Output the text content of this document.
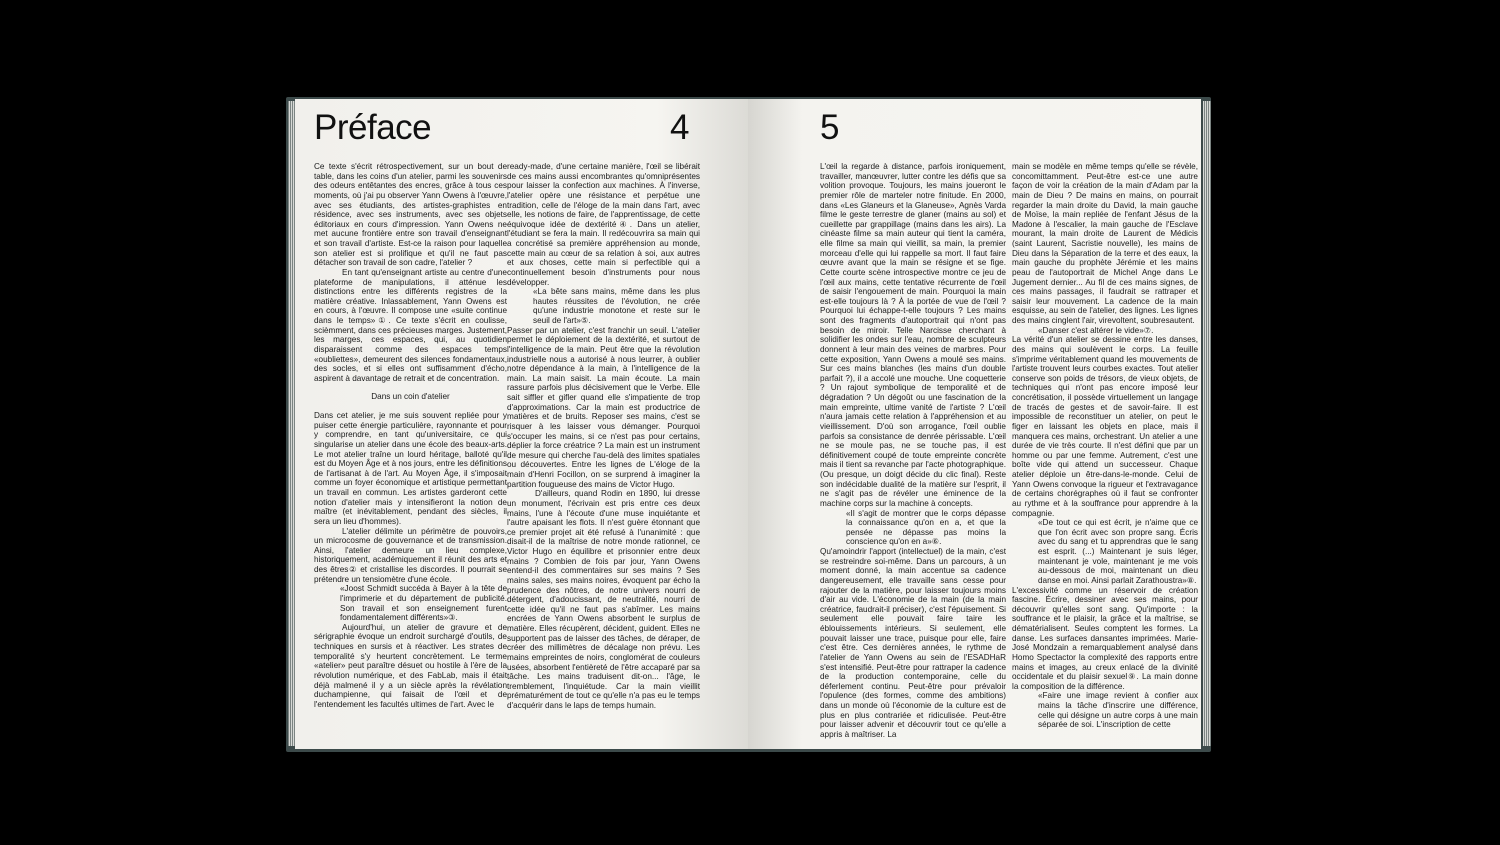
Préface	4

Ce texte s'écrit rétrospectivement, sur un bout de table, dans les coins d'un atelier, parmi les souvenirs des odeurs entêtantes des encres, grâce à tous ces moments, où j'ai pu observer Yann Owens à l'œuvre, avec ses étudiants, des artistes-graphistes en résidence, avec ses instruments, avec ses objets éditoriaux en cours d'impression. Yann Owens ne met aucune frontière entre son travail d'enseignant et son travail d'artiste. Est-ce la raison pour laquelle son atelier est si prolifique et qu'il ne faut pas détacher son travail de son cadre, l'atelier ?

En tant qu'enseignant artiste au centre d'une plateforme de manipulations, il atténue les distinctions entre les différents registres de la matière créative. Inlassablement, Yann Owens est en cours, à l'œuvre. Il compose une «suite continue dans le temps»①. Ce texte s'écrit en coulisse, scièmment, dans ces précieuses marges. Justement, les marges, ces espaces, qui, au quotidien disparaissent comme des espaces temps «oubliettes», demeurent des silences fondamentaux, des socles, et si elles ont suffisamment d'écho, aspirent à davantage de retrait et de concentration.

Dans un coin d'atelier

Dans cet atelier, je me suis souvent repliée pour y puiser cette énergie particulière, rayonnante et pour y comprendre, en tant qu'universitaire, ce qui singularise un atelier dans une école des beaux-arts. Le mot atelier traîne un lourd héritage, balloté qu'il est du Moyen Âge et à nos jours, entre les définitions de l'artisanat à de l'art. Au Moyen Âge, il s'imposait comme un foyer économique et artistique permettant un travail en commun. Les artistes garderont cette notion d'atelier mais y intensifieront la notion de maître (et inévitablement, pendant des siècles, il sera un lieu d'hommes).

L'atelier délimite un périmètre de pouvoirs, un microcosme de gouvernance et de transmission. Ainsi, l'atelier demeure un lieu complexe, historiquement, académiquement il réunit des arts et des êtres② et cristallise les discordes. Il pourrait se prétendre un tensiomètre d'une école.

«Joost Schmidt succéda à Bayer à la tête de l'imprimerie et du département de publicité. Son travail et son enseignement furent fondamentalement différents»③.

Aujourd'hui, un atelier de gravure et de sérigraphie évoque un endroit surchargé d'outils, de techniques en sursis et à réactiver. Les strates de temporalité s'y heurtent concrètement. Le terme «atelier» peut paraître désuet ou hostile à l'ère de la révolution numérique, et des FabLab, mais il était déjà malmené il y a un siècle après la révélation duchampienne, qui faisait de l'œil et de l'entendement les facultés ultimes de l'art. Avec le

ready-made, d'une certaine manière, l'œil se libérait de ces mains aussi encombrantes qu'omniprésentes pour laisser la confection aux machines. À l'inverse, l'atelier opère une résistance et perpétue une tradition, celle de l'éloge de la main dans l'art, avec elle, les notions de faire, de l'apprentissage, de cette équivoque idée de dextérité④. Dans un atelier, l'étudiant se fera la main. Il redécouvrira sa main qui a concrétisé sa première appréhension au monde, cette main au cœur de sa relation à soi, aux autres et aux choses, cette main si perfectible qui a continuellement besoin d'instruments pour nous développer.

«La bête sans mains, même dans les plus hautes réussites de l'évolution, ne crée qu'une industrie monotone et reste sur le seuil de l'art»⑤.

Passer par un atelier, c'est franchir un seuil. L'atelier permet le déploiement de la dextérité, et surtout de l'intelligence de la main. Peut être que la révolution industrielle nous a autorisé à nous leurrer, à oublier notre dépendance à la main, à l'intelligence de la main. La main saisit. La main écoute. La main rassure parfois plus décisivement que le Verbe. Elle sait siffler et gifler quand elle s'impatiente de trop d'approximations. Car la main est productrice de matières et de bruits. Reposer ses mains, c'est se risquer à les laisser vous démanger. Pourquoi s'occuper les mains, si ce n'est pas pour certains, déplier la force créatrice ? La main est un instrument de mesure qui cherche l'au-delà des limites spatiales ou découvertes. Entre les lignes de L'éloge de la main d'Henri Focillon, on se surprend à imaginer la partition fougueuse des mains de Victor Hugo.

D'ailleurs, quand Rodin en 1890, lui dresse un monument, l'écrivain est pris entre ces deux mains, l'une à l'écoute d'une muse inquiétante et l'autre apaisant les flots. Il n'est guère étonnant que ce premier projet ait été refusé à l'unanimité : que disait-il de la maîtrise de notre monde rationnel, ce Victor Hugo en équilibre et prisonnier entre deux mains ? Combien de fois par jour, Yann Owens entend-il des commentaires sur ses mains ? Ses mains sales, ses mains noires, évoquent par écho la prudence des nôtres, de notre univers nourri de détergent, d'adoucissant, de neutralité, nourri de cette idée qu'il ne faut pas s'abîmer. Les mains encrées de Yann Owens absorbent le surplus de matière. Elles récupèrent, décident, guident. Elles ne supportent pas de laisser des tâches, de déraper, de créer des millimètres de décalage non prévu. Les mains empreintes de noirs, conglomérat de couleurs usées, absorbent l'entièreté de l'être accaparé par sa tâche. Les mains traduisent dit-on... l'âge, le tremblement, l'inquiétude. Car la main vieillit prématurément de tout ce qu'elle n'a pas eu le temps d'acquérir dans le laps de temps humain.

5

L'œil la regarde à distance, parfois ironiquement, travailler, manœuvrer, lutter contre les défis que sa volition provoque. Toujours, les mains joueront le premier rôle de marteler notre finitude. En 2000, dans «Les Glaneurs et la Glaneuse», Agnès Varda filme le geste terrestre de glaner (mains au sol) et cueillette par grappillage (mains dans les airs). La cinéaste filme sa main auteur qui tient la caméra, elle filme sa main qui vieillit, sa main, la premier morceau d'elle qui lui rappelle sa mort. Il faut faire œuvre avant que la main se résigne et se fige. Cette courte scène introspective montre ce jeu de l'œil aux mains, cette tentative récurrente de l'œil de saisir l'engouement de main. Pourquoi la main est-elle toujours là ? À la portée de vue de l'œil ? Pourquoi lui échappe-t-elle toujours ? Les mains sont des fragments d'autoportrait qui n'ont pas besoin de miroir. Telle Narcisse cherchant à solidifier les ondes sur l'eau, nombre de sculpteurs donnent à leur main des veines de marbres. Pour cette exposition, Yann Owens a moulé ses mains. Sur ces mains blanches (les mains d'un double parfait ?), il a accolé une mouche. Une coquetterie ? Un rajout symbolique de temporalité et de dégradation ? Un dégoût ou une fascination de la main empreinte, ultime vanité de l'artiste ? L'œil n'aura jamais cette relation à l'appréhension et au vieillissement. D'où son arrogance, l'œil oublie parfois sa consistance de denrée périssable. L'œil ne se moule pas, ne se touche pas, il est définitivement coupé de toute empreinte concrète mais il tient sa revanche par l'acte photographique. (Ou presque, un doigt décide du clic final). Reste son indécidable dualité de la matière sur l'esprit, il ne s'agit pas de révéler une éminence de la machine corps sur la machine à concepts.

«Il s'agit de montrer que le corps dépasse la connaissance qu'on en a, et que la pensée ne dépasse pas moins la conscience qu'on en a»⑥.

Qu'amoindrir l'apport (intellectuel) de la main, c'est se restreindre soi-même. Dans un parcours, à un moment donné, la main accentue sa cadence dangereusement, elle travaille sans cesse pour rajouter de la matière, pour laisser toujours moins d'air au vide. L'économie de la main (de la main créatrice, faudrait-il préciser), c'est l'épuisement. Si seulement elle pouvait faire taire les éblouissements intérieurs. Si seulement, elle pouvait laisser une trace, puisque pour elle, faire c'est être. Ces dernières années, le rythme de l'atelier de Yann Owens au sein de l'ESADHaR s'est intensifié. Peut-être pour rattraper la cadence de la production contemporaine, celle du déferlement continu. Peut-être pour prévaloir l'opulence (des formes, comme des ambitions) dans un monde où l'économie de la culture est de plus en plus contrariée et ridiculisée. Peut-être pour laisser advenir et découvrir tout ce qu'elle a appris à maîtriser. La

main se modèle en même temps qu'elle se révèle, concomittamment. Peut-être est-ce une autre façon de voir la création de la main d'Adam par la main de Dieu ? De mains en mains, on pourrait regarder la main droite du David, la main gauche de Moïse, la main repliée de l'enfant Jésus de la Madone à l'escalier, la main gauche de l'Esclave mourant, la main droite de Laurent de Médicis (saint Laurent, Sacristie nouvelle), les mains de Dieu dans la Séparation de la terre et des eaux, la main gauche du prophète Jérémie et les mains peau de l'autoportrait de Michel Ange dans Le Jugement dernier... Au fil de ces mains signes, de ces mains passages, il faudrait se rattraper et saisir leur mouvement. La cadence de la main esquisse, au sein de l'atelier, des lignes. Les lignes des mains cinglent l'air, virevoltent, soubresautent.

«Danser c'est altérer le vide»⑦.

La vérité d'un atelier se dessine entre les danses, des mains qui soulèvent le corps. La feuille s'imprime véritablement quand les mouvements de l'artiste trouvent leurs courbes exactes. Tout atelier conserve son poids de trésors, de vieux objets, de techniques qui n'ont pas encore imposé leur concrétisation, il possède virtuellement un langage de tracés de gestes et de savoir-faire. Il est impossible de reconstituer un atelier, on peut le figer en laissant les objets en place, mais il manquera ces mains, orchestrant. Un atelier a une durée de vie très courte. Il n'est défini que par un homme ou par une femme. Autrement, c'est une boîte vide qui attend un successeur. Chaque atelier déploie un être-dans-le-monde. Celui de Yann Owens convoque la rigueur et l'extravagance de certains chorégraphes où il faut se confronter au rythme et à la souffrance pour apprendre à la compagnie.

«De tout ce qui est écrit, je n'aime que ce que l'on écrit avec son propre sang. Écris avec du sang et tu apprendras que le sang est esprit. (...) Maintenant je suis léger, maintenant je vole, maintenant je me vois au-dessous de moi, maintenant un dieu danse en moi. Ainsi parlait Zarathoustra»⑧.

L'excessivité comme un réservoir de création fascine. Écrire, dessiner avec ses mains, pour découvrir qu'elles sont sang. Qu'importe : la souffrance et le plaisir, la grâce et la maîtrise, se dématérialisent. Seules comptent les formes. La danse. Les surfaces dansantes imprimées. Marie-José Mondzain a remarquablement analysé dans Homo Spectactor la complexité des rapports entre mains et images, au creux enlacé de la divinité occidentale et du plaisir sexuel⑨. La main donne la composition de la différence.

«Faire une image revient à confier aux mains la tâche d'inscrire une différence, celle qui désigne un autre corps à une main séparée de soi. L'inscription de cette
